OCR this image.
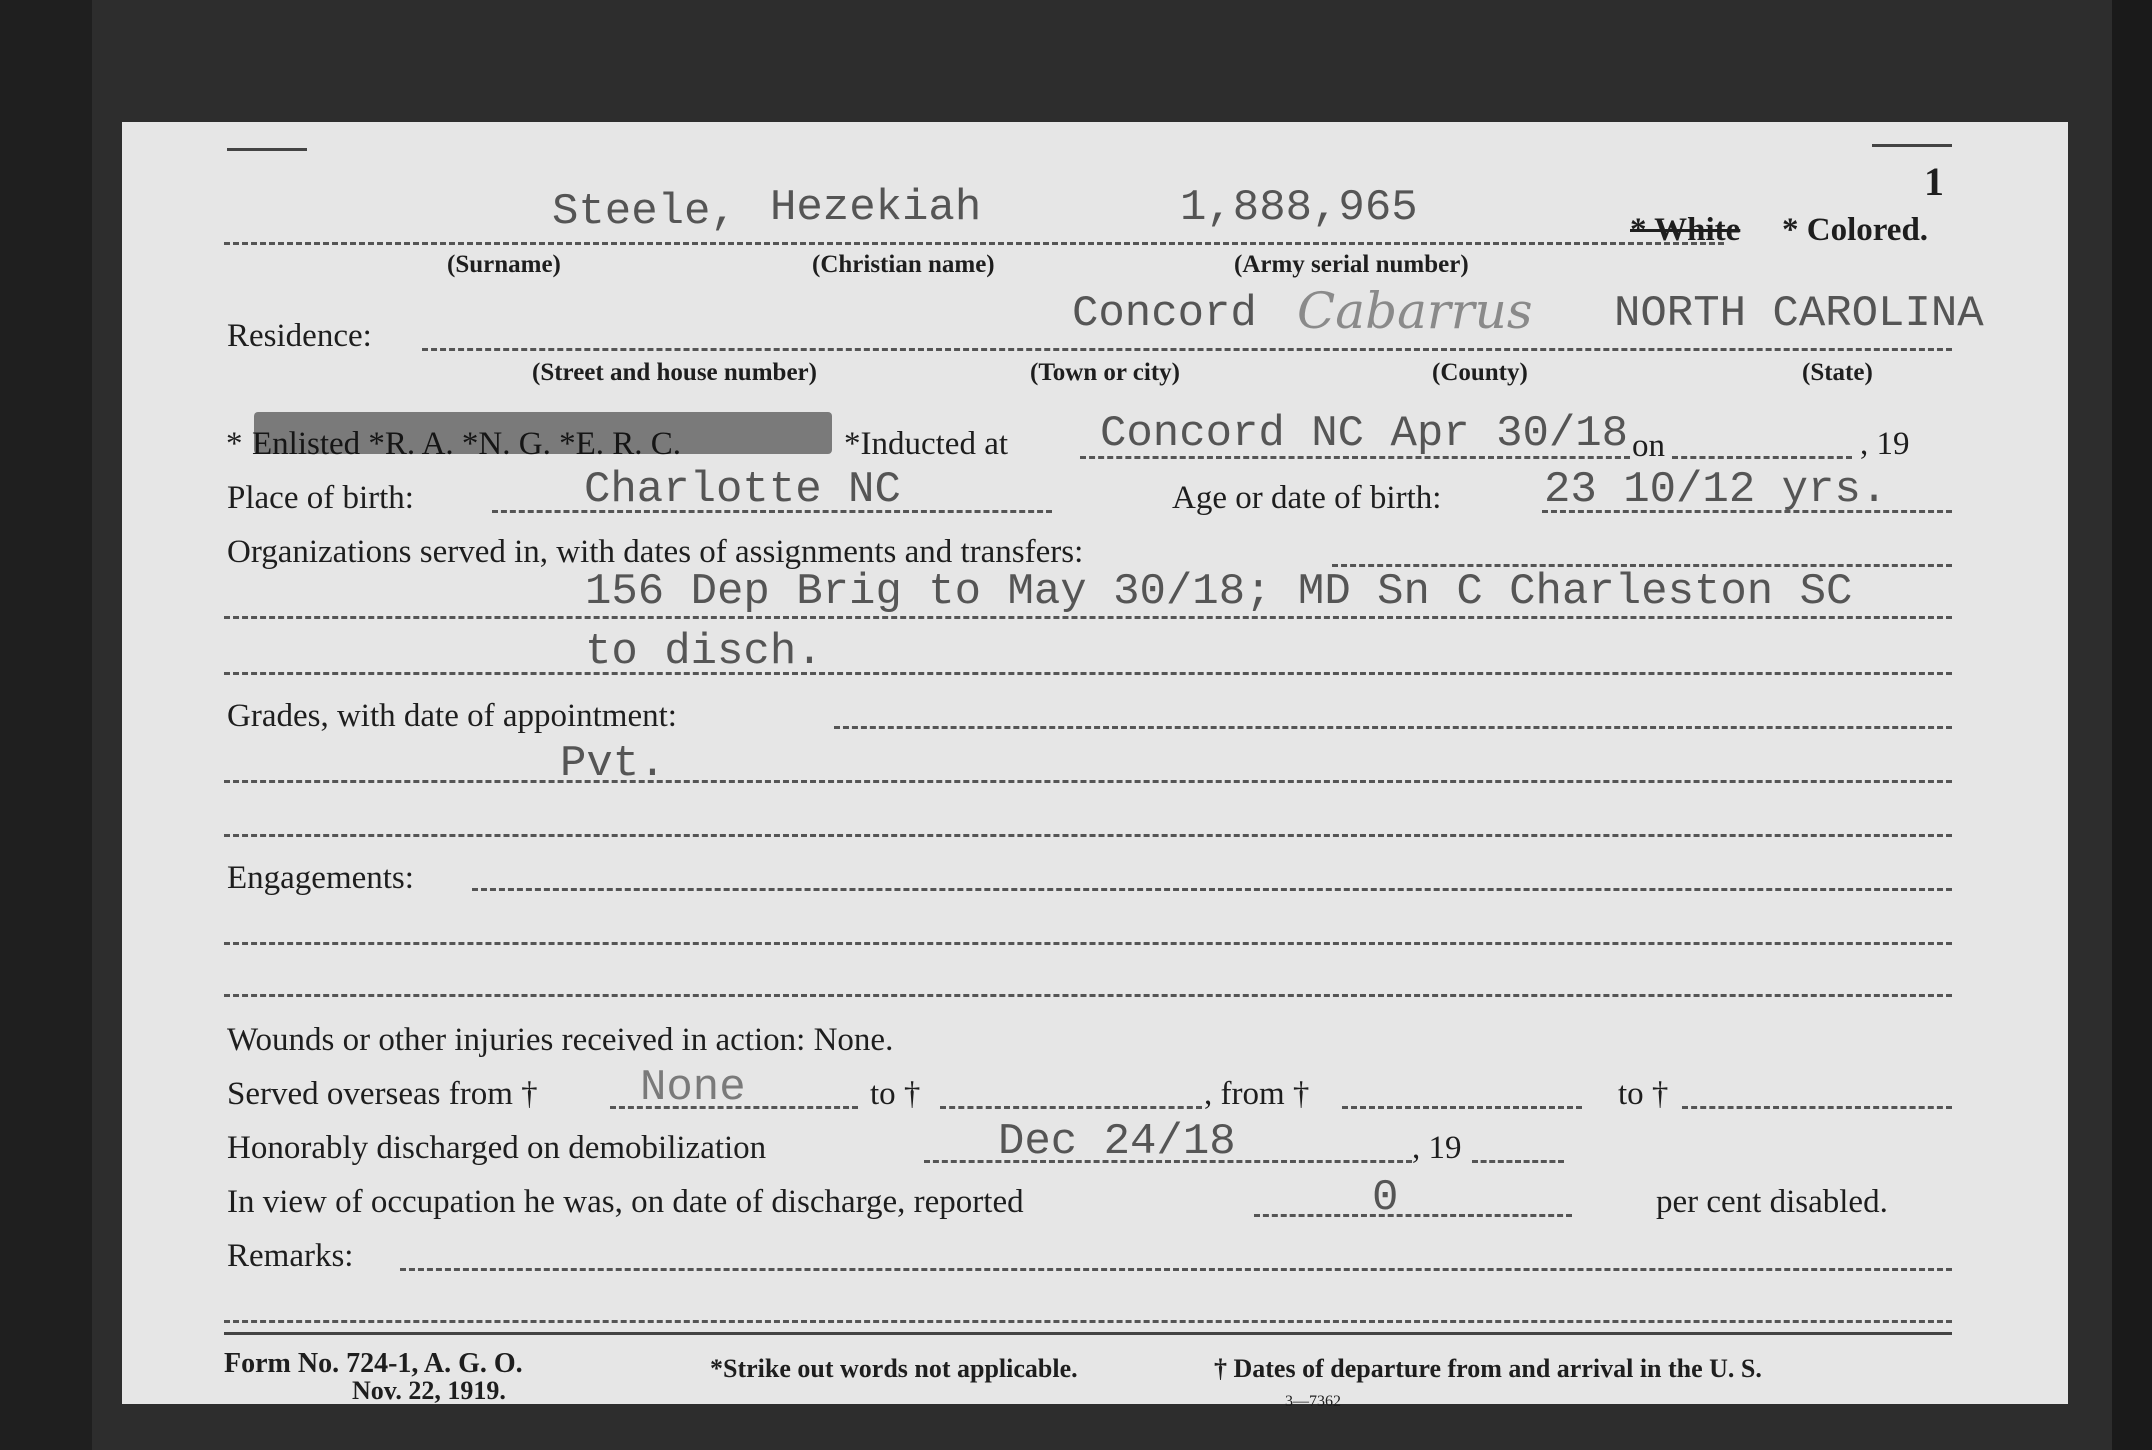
1
Steele, Hezekiah	1,888,965	* White * Colored.
(Surname)	(Christian name)	(Army serial number)
Concord Cabarrus NORTH CAROLINA
Residence:
(Street and house number)	(Town or city)	(County)	(State)
* Enlisted *R. A. *N. G. *E. R. C.	*Inducted at Concord NC Apr 30/18 on	, 19
Place of birth:	Charlotte NC	Age or date of birth: 23 10/12 yrs.
Organizations served in, with dates of assignments and transfers:
156 Dep Brig to May 30/18; MD Sn C Charleston SC
to disch.
Grades, with date of appointment:
Pvt.
Engagements:
Wounds or other injuries received in action: None.
Served overseas from † None	to †	, from †	to †
Honorably discharged on demobilization	Dec 24/18	, 19
In view of occupation he was, on date of discharge, reported	0	per cent disabled.
Remarks:
Form No. 724-1, A. G. O.
Nov. 22, 1919.
*Strike out words not applicable.	† Dates of departure from and arrival in the U. S.
3—7362
